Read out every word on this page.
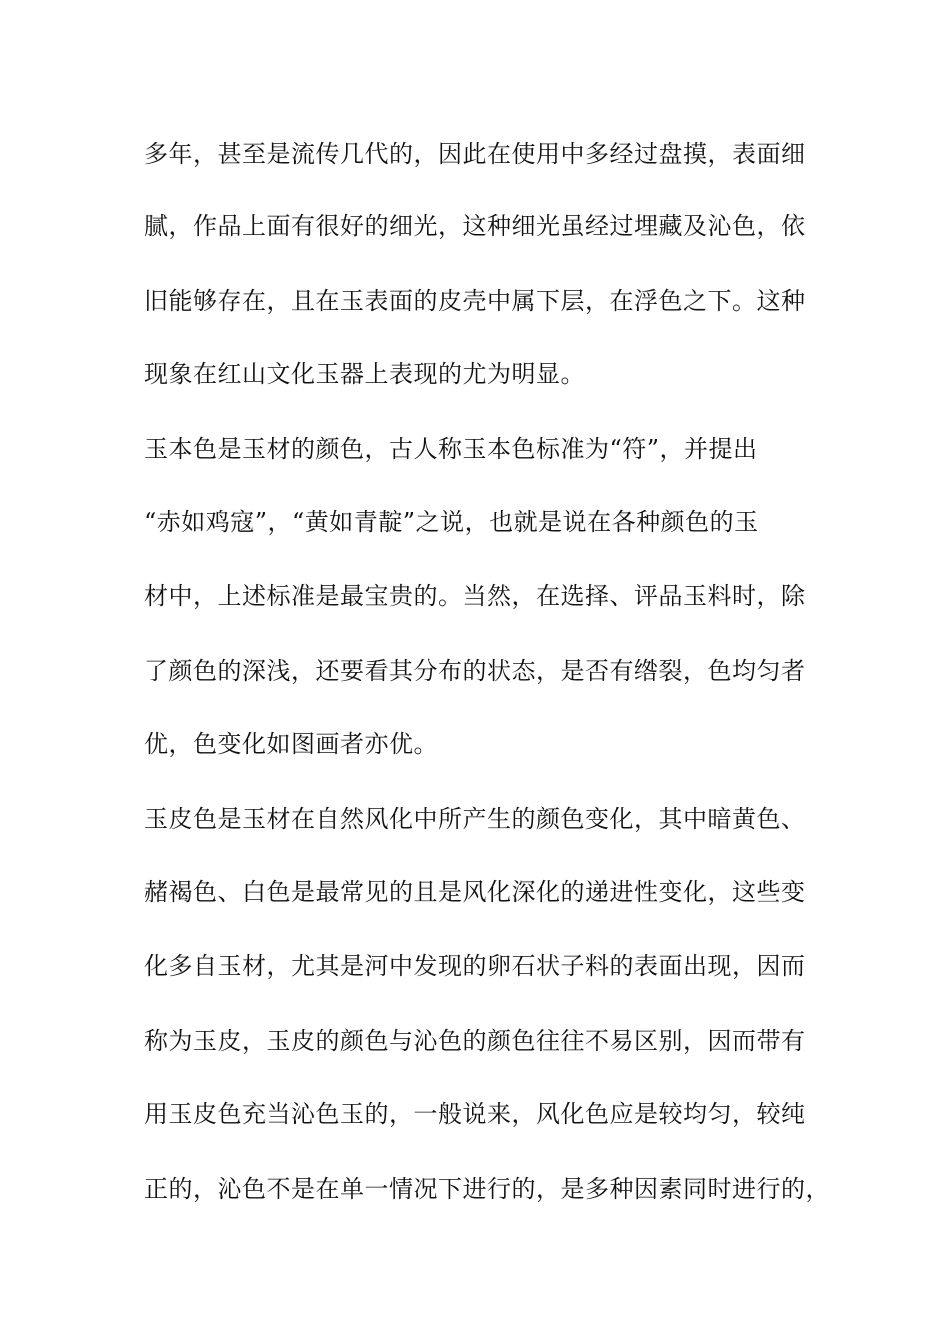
多年，甚至是流传几代的，因此在使用中多经过盘摸，表面细
腻，作品上面有很好的细光，这种细光虽经过埋藏及沁色，依
旧能够存在，且在玉表面的皮壳中属下层，在浮色之下。这种
现象在红山文化玉器上表现的尤为明显。
玉本色是玉材的颜色，古人称玉本色标准为“符”，并提出
“赤如鸡寇”，“黄如青靛”之说，也就是说在各种颜色的玉
材中，上述标准是最宝贵的。当然，在选择、评品玉料时，除
了颜色的深浅，还要看其分布的状态，是否有绺裂，色均匀者
优，色变化如图画者亦优。
玉皮色是玉材在自然风化中所产生的颜色变化，其中暗黄色、
赭褐色、白色是最常见的且是风化深化的递进性变化，这些变
化多自玉材，尤其是河中发现的卵石状子料的表面出现，因而
称为玉皮，玉皮的颜色与沁色的颜色往往不易区别，因而带有
用玉皮色充当沁色玉的，一般说来，风化色应是较均匀，较纯
正的，沁色不是在单一情况下进行的，是多种因素同时进行的，
